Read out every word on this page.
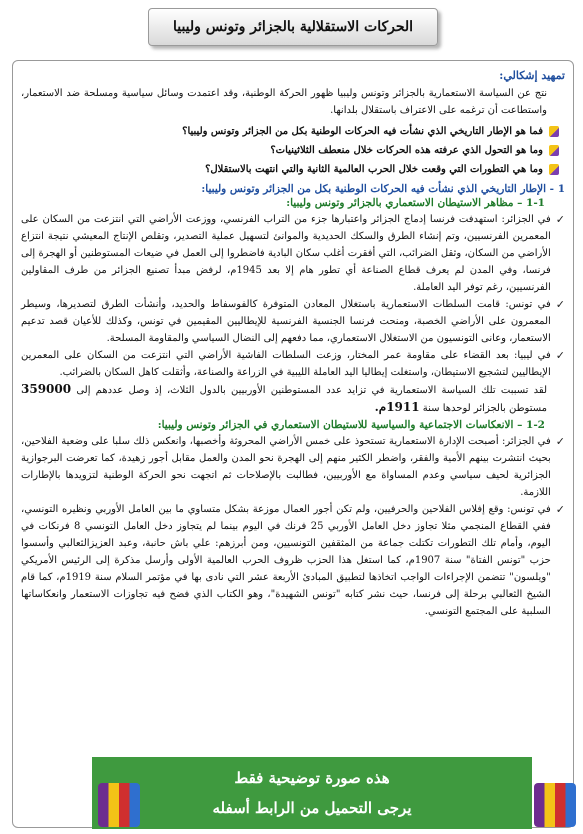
الحركات الاستقلالية بالجزائر وتونس وليبيا
تمهيد إشكالي:

نتج عن السياسة الاستعمارية بالجزائر وتونس وليبيا ظهور الحركة الوطنية، وقد اعتمدت وسائل سياسية ومسلحة ضد الاستعمار، واستطاعت أن ترغمه على الاعتراف باستقلال بلدانها.

فما هو الإطار التاريخي الذي نشأت فيه الحركات الوطنية بكل من الجزائر وتونس وليبيا؟
وما هو التحول الذي عرفته هذه الحركات خلال منعطف الثلاثينيات؟
وما هي التطورات التي وقعت خلال الحرب العالمية الثانية والتي انتهت بالاستقلال؟
1 - الإطار التاريخي الذي نشأت فيه الحركات الوطنية بكل من الجزائر وتونس وليبيا:
1-1 – مظاهر الاستيطان الاستعماري بالجزائر وتونس وليبيا:
✓

في الجزائر: استهدفت فرنسا إدماج الجزائر واعتبارها جزء من التراب الفرنسي، ووزعت الأراضي التي انتزعت من السكان على المعمرين الفرنسيين، وتم إنشاء الطرق والسكك الحديدية والموانئ لتسهيل عملية التصدير، وتقلص الإنتاج المعيشي نتيجة انتزاع الأراضي من السكان، وثقل الضرائب، التي أفقرت أغلب سكان البادية فاضطروا إلى العمل في ضيعات المستوطنين أو الهجرة إلى فرنسا، وفي المدن لم يعرف قطاع الصناعة أي تطور هام إلا بعد 1945م، لرفض مبدأ تصنيع الجزائر من طرف المقاولين الفرنسيين، رغم توفر اليد العاملة.

✓

في تونس: قامت السلطات الاستعمارية باستغلال المعادن المتوفرة كالفوسفاط والحديد، وأنشأت الطرق لتصديرها، وسيطر المعمرون على الأراضي الخصبة، ومنحت فرنسا الجنسية الفرنسية للإيطاليين المقيمين في تونس، وكذلك للأعيان قصد تدعيم الاستعمار، وعانى التونسيون من الاستغلال الاستعماري، مما دفعهم إلى النضال السياسي والمقاومة المسلحة.

✓

في ليبيا: بعد القضاء على مقاومة عمر المختار، وزعت السلطات الفاشية الأراضي التي انتزعت من السكان على المعمرين الإيطاليين لتشجيع الاستيطان، واستغلت إيطاليا اليد العاملة الليبية في الزراعة والصناعة، وأثقلت كاهل السكان بالضرائب.

لقد تسببت تلك السياسة الاستعمارية في تزايد عدد المستوطنين الأوربيين بالدول الثلاث، إذ وصل عددهم إلى 359000 مستوطن بالجزائر لوحدها سنة 1911م.

1-2 – الانعكاسات الاجتماعية والسياسية للاستيطان الاستعماري في الجزائر وتونس وليبيا:
✓

في الجزائر: أصبحت الإدارة الاستعمارية تستحوذ على خمس الأراضي المحروثة وأخصبها، وانعكس ذلك سلبا على وضعية الفلاحين، بحيث انتشرت بينهم الأمية والفقر، واضطر الكثير منهم إلى الهجرة نحو المدن والعمل مقابل أجور زهيدة، كما تعرضت البرجوازية الجزائرية لحيف سياسي وعدم المساواة مع الأوربيين، فطالبت بالإصلاحات ثم اتجهت نحو الحركة الوطنية لتزويدها بالإطارات اللازمة.

✓

في تونس: وقع إفلاس الفلاحين والحرفيين، ولم تكن أجور العمال موزعة بشكل متساوي ما بين العامل الأوربي ونظيره التونسي، ففي القطاع المنجمي مثلا تجاوز دخل العامل الأوربي 25 فرنك في اليوم بينما لم يتجاوز دخل العامل التونسي 8 فرنكات في اليوم، وأمام تلك التطورات تكتلت جماعة من المثقفين التونسيين، ومن أبرزهم: علي باش حانبة، وعبد العزيزالثعالبي وأسسوا حزب "تونس الفتاة" سنة 1907م، كما استغل هذا الحزب ظروف الحرب العالمية الأولى وأرسل مذكرة إلى الرئيس الأمريكي "ويلسون" تتضمن الإجراءات الواجب اتخاذها لتطبيق المبادئ الأربعة عشر التي نادى بها في مؤتمر السلام سنة 1919م، كما قام الشيخ الثعالبي برحلة إلى فرنسا، حيث نشر كتابه "تونس الشهيدة"، وهو الكتاب الذي فضح فيه تجاوزات الاستعمار وانعكاساتها السلبية على المجتمع التونسي.

هذه صورة توضيحية فقط
يرجى التحميل من الرابط أسفله
